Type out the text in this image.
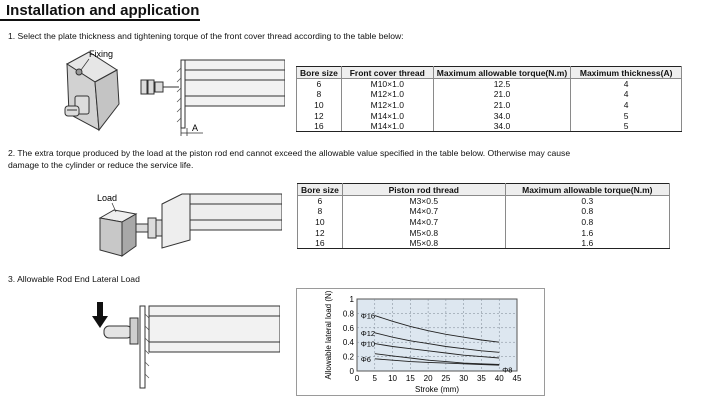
Installation and application
1. Select the plate thickness and tightening torque of the front cover thread according to the table below:
Fixing
A
Bore size	Front cover thread	Maximum allowable torque(N.m)	Maximum thickness(A)
6	M10×1.0	12.5	4
8	M12×1.0	21.0	4
10	M12×1.0	21.0	4
12	M14×1.0	34.0	5
16	M14×1.0	34.0	5
2. The extra torque produced by the load at the piston rod end cannot exceed the allowable value specified in the table below. Otherwise may cause
damage to the cylinder or reduce the service life.
Load
Bore size	Piston rod thread	Maximum allowable torque(N.m)
6	M3×0.5	0.3
8	M4×0.7	0.8
10	M4×0.7	0.8
12	M5×0.8	1.6
16	M5×0.8	1.6
3. Allowable Rod End Lateral Load
0 5 10 15 20 25 30 35 40 45
0
0.2
0.4
0.6
0.8
1
Stroke (mm)
Allowable lateral load (N)	Φ16
Φ12
Φ10
Φ6
Φ8
